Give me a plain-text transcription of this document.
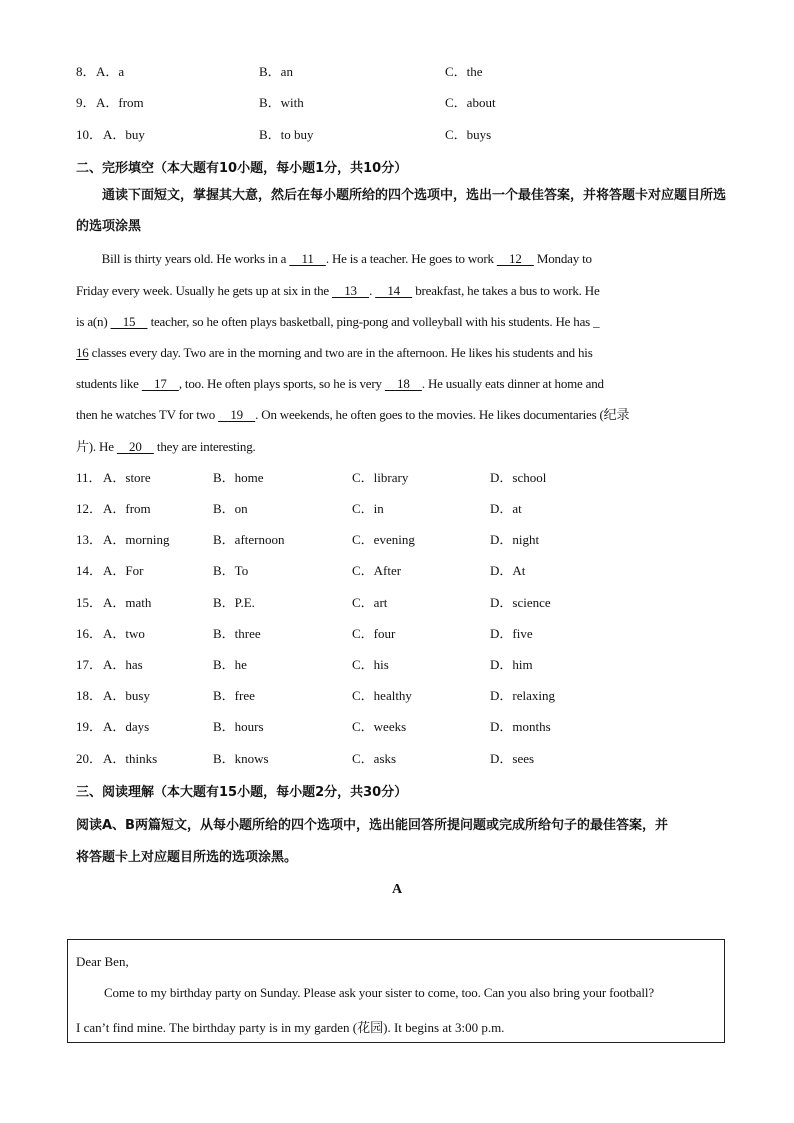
8． A．a	B．an	C．the
9． A．from	B．with	C．about
10． A．buy	B．to buy	C．buys
二、完形填空（本大题有10小题，每小题1分，共10分）
通读下面短文，掌握其大意，然后在每小题所给的四个选项中，选出一个最佳答案，并将答题卡对应题目所选的选项涂黑
　　Bill is thirty years old. He works in a     11    . He is a teacher. He goes to work     12     Monday to
Friday every week. Usually he gets up at six in the     13    .     14     breakfast, he takes a bus to work. He
is a(n)     15     teacher, so he often plays basketball, ping-pong and volleyball with his students. He has _
16 classes every day. Two are in the morning and two are in the afternoon. He likes his students and his
students like     17    , too. He often plays sports, so he is very     18    . He usually eats dinner at home and
then he watches TV for two     19    . On weekends, he often goes to the movies. He likes documentaries (纪录
片). He     20     they are interesting.
11． A．store	B．home	C．library	D．school
12． A．from	B．on	C．in	D．at
13． A．morning	B．afternoon	C．evening	D．night
14． A．For	B．To	C．After	D．At
15． A．math	B．P.E.	C．art	D．science
16． A．two	B．three	C．four	D．five
17． A．has	B．he	C．his	D．him
18． A．busy	B．free	C．healthy	D．relaxing
19． A．days	B．hours	C．weeks	D．months
20． A．thinks	B．knows	C．asks	D．sees
三、阅读理解（本大题有15小题，每小题2分，共30分）
阅读A、B两篇短文，从每小题所给的四个选项中，选出能回答所提问题或完成所给句子的最佳答案，并
将答题卡上对应题目所选的选项涂黑。
A
Dear Ben,
Come to my birthday party on Sunday. Please ask your sister to come, too. Can you also bring your football?
I can’t find mine. The birthday party is in my garden (花园). It begins at 3:00 p.m.
